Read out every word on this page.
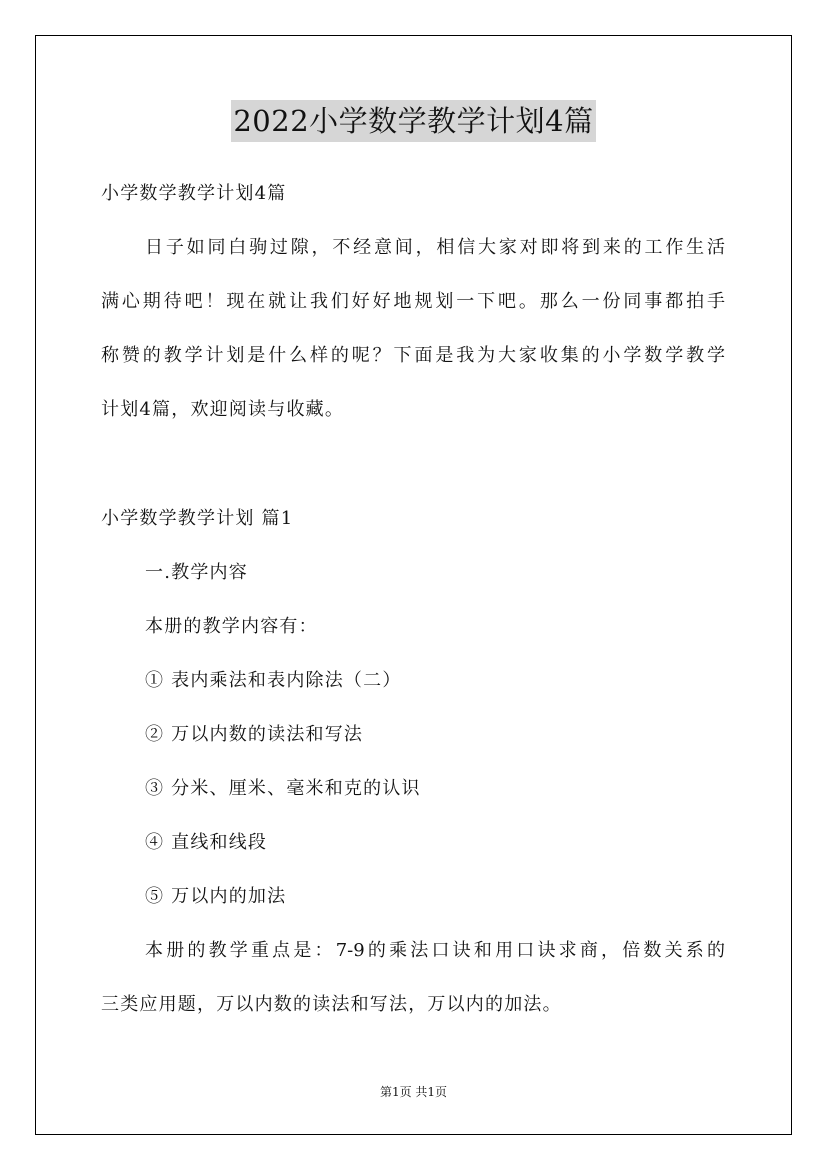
2022小学数学教学计划4篇
小学数学教学计划4篇
日子如同白驹过隙，不经意间，相信大家对即将到来的工作生活
满心期待吧！现在就让我们好好地规划一下吧。那么一份同事都拍手
称赞的教学计划是什么样的呢？下面是我为大家收集的小学数学教学
计划4篇，欢迎阅读与收藏。
小学数学教学计划 篇1
一.教学内容
本册的教学内容有：
① 表内乘法和表内除法（二）
② 万以内数的读法和写法
③ 分米、厘米、毫米和克的认识
④ 直线和线段
⑤ 万以内的加法
本册的教学重点是：7-9的乘法口诀和用口诀求商，倍数关系的
三类应用题，万以内数的读法和写法，万以内的加法。
第1页 共1页
